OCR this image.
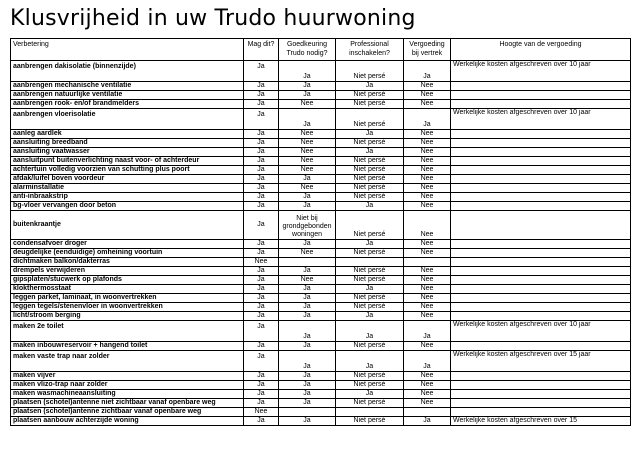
Klusvrijheid in uw Trudo huurwoning
Verbetering	Mag dit?	Goedkeuring Trudo nodig?	Professional inschakelen?	Vergoeding bij vertrek	Hoogte van de vergoeding
aanbrengen dakisolatie (binnenzijde)	Ja	Ja	Niet persé	Ja	Werkelijke kosten afgeschreven over 10 jaar
aanbrengen mechanische ventilatie	Ja	Ja	Ja	Nee	
aanbrengen natuurlijke ventilatie	Ja	Ja	Niet persé	Nee	
aanbrengen rook- en/of brandmelders	Ja	Nee	Niet persé	Nee	
aanbrengen vloerisolatie	Ja	Ja	Niet persé	Ja	Werkelijke kosten afgeschreven over 10 jaar
aanleg aardlek	Ja	Nee	Ja	Nee	
aansluiting breedband	Ja	Nee	Niet persé	Nee	
aansluiting vaatwasser	Ja	Nee	Ja	Nee	
aansluitpunt buitenverlichting naast voor- of achterdeur	Ja	Nee	Niet persé	Nee	
achtertuin volledig voorzien van schutting plus poort	Ja	Nee	Niet persé	Nee	
afdak/luifel boven voordeur	Ja	Ja	Niet persé	Nee	
alarminstallatie	Ja	Nee	Niet persé	Nee	
anti-inbraakstrip	Ja	Ja	Niet persé	Nee	
bg-vloer vervangen door beton	Ja	Ja	Ja	Nee	
buitenkraantje	Ja	Niet bij grondgebonden woningen	Niet persé	Nee	
condensafvoer droger	Ja	Ja	Ja	Nee	
deugdelijke (eenduidige) omheining voortuin	Ja	Nee	Niet persé	Nee	
dichtmaken balkon/dakterras	Nee				
drempels verwijderen	Ja	Ja	Niet persé	Nee	
gipsplaten/stucwerk op plafonds	Ja	Nee	Niet persé	Nee	
klokthermosstaat	Ja	Ja	Ja	Nee	
leggen parket, laminaat, in woonvertrekken	Ja	Ja	Niet persé	Nee	
leggen tegels/stenenvloer in woonvertrekken	Ja	Ja	Niet persé	Nee	
licht/stroom berging	Ja	Ja	Ja	Nee	
maken 2e toilet	Ja	Ja	Ja	Ja	Werkelijke kosten afgeschreven over 10 jaar
maken inbouwreservoir + hangend toilet	Ja	Ja	Niet persé	Nee	
maken vaste trap naar zolder	Ja	Ja	Ja	Ja	Werkelijke kosten afgeschreven over 15 jaar
maken vijver	Ja	Ja	Niet persé	Nee	
maken vlizo-trap naar zolder	Ja	Ja	Niet persé	Nee	
maken wasmachineaansluiting	Ja	Ja	Ja	Nee	
plaatsen (schotel)antenne niet zichtbaar vanaf openbare weg	Ja	Ja	Niet persé	Nee	
plaatsen (schotel)antenne zichtbaar vanaf openbare weg	Nee				
plaatsen aanbouw achterzijde woning	Ja	Ja	Niet persé	Ja	Werkelijke kosten afgeschreven over 15
